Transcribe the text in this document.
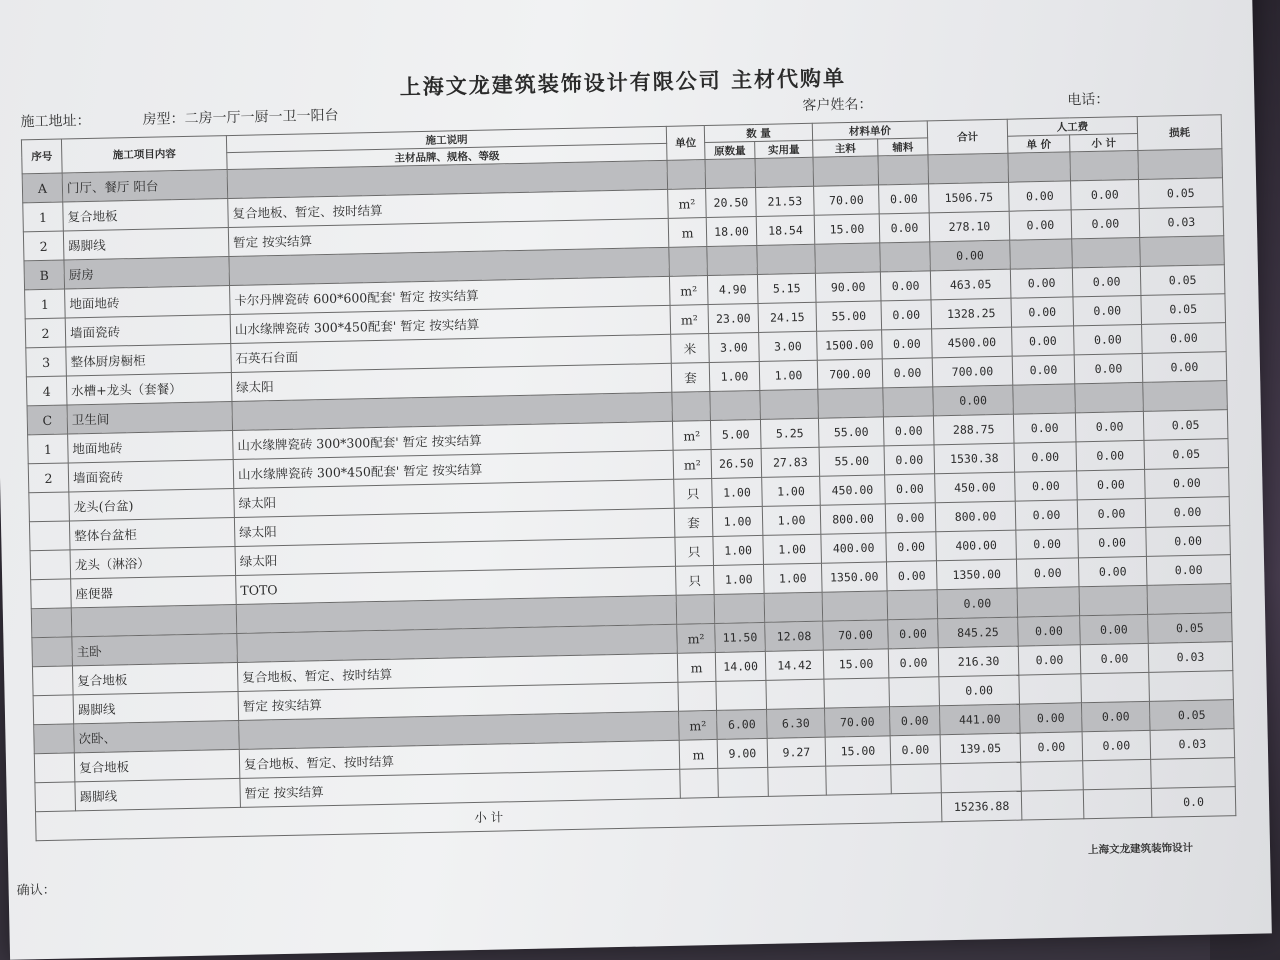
上海文龙建筑装饰设计有限公司 主材代购单
施工地址：	房型：二房一厅一厨一卫一阳台
客户姓名：	电话：
序号	施工项目内容	施工说明	单位	数 量		材料单价		合计	人工费		损耗
		主材品牌、规格、等级		原数量	实用量	主料	辅料		单 价	小 计	
A	门厅、餐厅 阳台										
1	复合地板	复合地板、暂定、按时结算	m²	20.50	21.53	70.00	0.00	1506.75	0.00	0.00	0.05
2	踢脚线	暂定 按实结算	m	18.00	18.54	15.00	0.00	278.10	0.00	0.00	0.03
B	厨房							0.00			
1	地面地砖	卡尔丹牌瓷砖 600*600配套' 暂定 按实结算	m²	4.90	5.15	90.00	0.00	463.05	0.00	0.00	0.05
2	墙面瓷砖	山水缘牌瓷砖 300*450配套' 暂定 按实结算	m²	23.00	24.15	55.00	0.00	1328.25	0.00	0.00	0.05
3	整体厨房橱柜	石英石台面	米	3.00	3.00	1500.00	0.00	4500.00	0.00	0.00	0.00
4	水槽+龙头（套餐）	绿太阳	套	1.00	1.00	700.00	0.00	700.00	0.00	0.00	0.00
C	卫生间							0.00			
1	地面地砖	山水缘牌瓷砖 300*300配套' 暂定 按实结算	m²	5.00	5.25	55.00	0.00	288.75	0.00	0.00	0.05
2	墙面瓷砖	山水缘牌瓷砖 300*450配套' 暂定 按实结算	m²	26.50	27.83	55.00	0.00	1530.38	0.00	0.00	0.05
	龙头(台盆)	绿太阳	只	1.00	1.00	450.00	0.00	450.00	0.00	0.00	0.00
	整体台盆柜	绿太阳	套	1.00	1.00	800.00	0.00	800.00	0.00	0.00	0.00
	龙头（淋浴）	绿太阳	只	1.00	1.00	400.00	0.00	400.00	0.00	0.00	0.00
	座便器	TOTO	只	1.00	1.00	1350.00	0.00	1350.00	0.00	0.00	0.00
								0.00			
	主卧		m²	11.50	12.08	70.00	0.00	845.25	0.00	0.00	0.05
	复合地板	复合地板、暂定、按时结算	m	14.00	14.42	15.00	0.00	216.30	0.00	0.00	0.03
	踢脚线	暂定 按实结算						0.00			
	次卧、		m²	6.00	6.30	70.00	0.00	441.00	0.00	0.00	0.05
	复合地板	复合地板、暂定、按时结算	m	9.00	9.27	15.00	0.00	139.05	0.00	0.00	0.03
	踢脚线	暂定 按实结算									
小 计								15236.88			0.0
上海文龙建筑装饰设计
确认：
